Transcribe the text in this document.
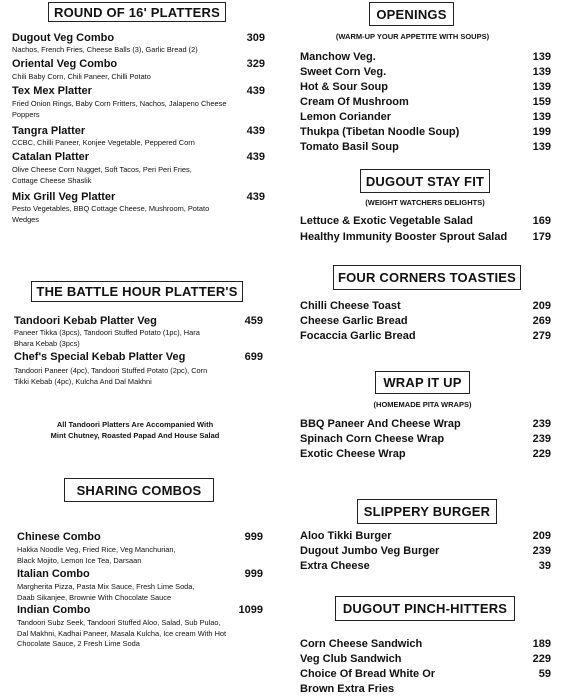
ROUND OF 16' PLATTERS
Dugout Veg Combo	309
Nachos, French Fries, Cheese Balls (3), Garlic Bread (2)
Oriental Veg Combo	329
Chili Baby Corn, Chili Paneer, Chilli Potato
Tex Mex Platter	439
Fried Onion Rings, Baby Corn Fritters, Nachos, Jalapeno Cheese Poppers
Tangra Platter	439
CCBC, Chilli Paneer, Konjee Vegetable, Peppered Corn
Catalan Platter	439
Olive Cheese Corn Nugget, Soft Tacos, Peri Peri Fries, Cottage Cheese Shaslik
Mix Grill Veg Platter	439
Pesto Vegetables, BBQ Cottage Cheese, Mushroom, Potato Wedges
THE BATTLE HOUR PLATTER'S
Tandoori Kebab Platter Veg	459
Paneer Tikka (3pcs), Tandoori Stuffed Potato (1pc), Hara Bhara Kebab (3pcs)
Chef's Special Kebab Platter Veg	699
Tandoori Paneer (4pc), Tandoori Stuffed Potato (2pc), Corn Tikki Kebab (4pc), Kulcha And Dal Makhni
All Tandoori Platters Are Accompanied With
Mint Chutney, Roasted Papad And House Salad
SHARING COMBOS
Chinese Combo	999
Hakka Noodle Veg, Fried Rice, Veg Manchurian, Black Mojito, Lemon Ice Tea, Darsaan
Italian Combo	999
Margherita Pizza, Pasta Mix Sauce, Fresh Lime Soda, Daab Sikanjee, Brownie With Chocolate Sauce
Indian Combo	1099
Tandoori Subz Seek, Tandoori Stuffed Aloo, Salad, Sub Pulao, Dal Makhni, Kadhai Paneer, Masala Kulcha, Ice cream With Hot Chocolate Sauce, 2 Fresh Lime Soda
OPENINGS
(WARM-UP YOUR APPETITE WITH SOUPS)
Manchow Veg.	139
Sweet Corn Veg.	139
Hot & Sour Soup	139
Cream Of Mushroom	159
Lemon Coriander	139
Thukpa (Tibetan Noodle Soup)	199
Tomato Basil Soup	139
DUGOUT STAY FIT
(WEIGHT WATCHERS DELIGHTS)
Lettuce & Exotic Vegetable Salad	169
Healthy Immunity Booster Sprout Salad 179
FOUR CORNERS TOASTIES
Chilli Cheese Toast	209
Cheese Garlic Bread	269
Focaccia Garlic Bread	279
WRAP IT UP
(HOMEMADE PITA WRAPS)
BBQ Paneer And Cheese Wrap	239
Spinach Corn Cheese Wrap	239
Exotic Cheese Wrap	229
SLIPPERY BURGER
Aloo Tikki Burger	209
Dugout Jumbo Veg Burger	239
Extra Cheese	39
DUGOUT PINCH-HITTERS
Corn Cheese Sandwich	189
Veg Club Sandwich	229
Choice Of Bread White Or	59
Brown Extra Fries
